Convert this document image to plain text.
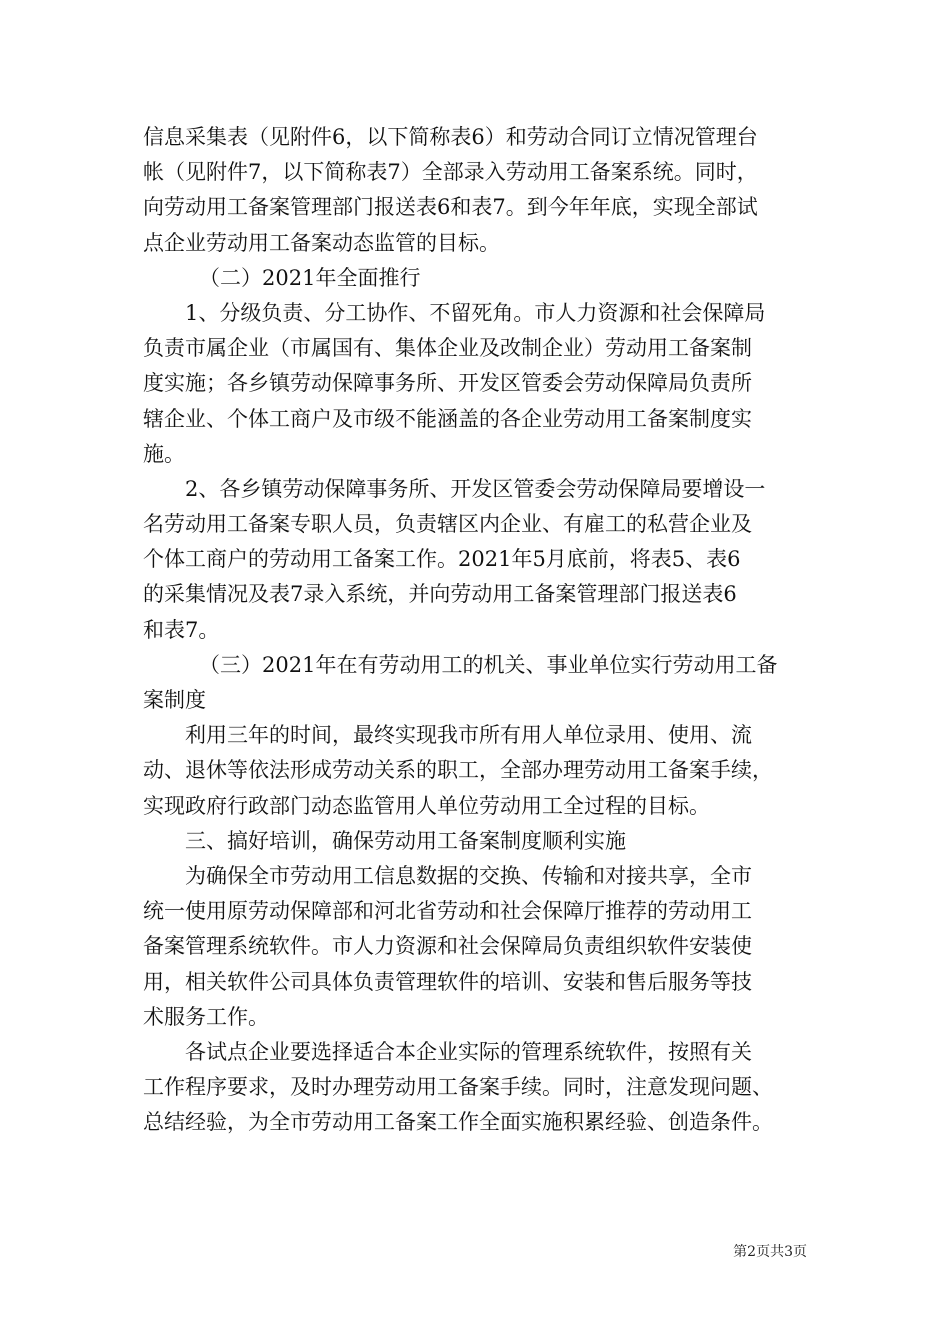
信息采集表（见附件6，以下简称表6）和劳动合同订立情况管理台
帐（见附件7，以下简称表7）全部录入劳动用工备案系统。同时，
向劳动用工备案管理部门报送表6和表7。到今年年底，实现全部试
点企业劳动用工备案动态监管的目标。
（二）2021年全面推行
1、分级负责、分工协作、不留死角。市人力资源和社会保障局
负责市属企业（市属国有、集体企业及改制企业）劳动用工备案制
度实施；各乡镇劳动保障事务所、开发区管委会劳动保障局负责所
辖企业、个体工商户及市级不能涵盖的各企业劳动用工备案制度实
施。
2、各乡镇劳动保障事务所、开发区管委会劳动保障局要增设一
名劳动用工备案专职人员，负责辖区内企业、有雇工的私营企业及
个体工商户的劳动用工备案工作。2021年5月底前，将表5、表6
的采集情况及表7录入系统，并向劳动用工备案管理部门报送表6
和表7。
（三）2021年在有劳动用工的机关、事业单位实行劳动用工备
案制度
利用三年的时间，最终实现我市所有用人单位录用、使用、流
动、退休等依法形成劳动关系的职工，全部办理劳动用工备案手续，
实现政府行政部门动态监管用人单位劳动用工全过程的目标。
三、搞好培训，确保劳动用工备案制度顺利实施
为确保全市劳动用工信息数据的交换、传输和对接共享，全市
统一使用原劳动保障部和河北省劳动和社会保障厅推荐的劳动用工
备案管理系统软件。市人力资源和社会保障局负责组织软件安装使
用，相关软件公司具体负责管理软件的培训、安装和售后服务等技
术服务工作。
各试点企业要选择适合本企业实际的管理系统软件，按照有关
工作程序要求，及时办理劳动用工备案手续。同时，注意发现问题、
总结经验，为全市劳动用工备案工作全面实施积累经验、创造条件。
第2页共3页
